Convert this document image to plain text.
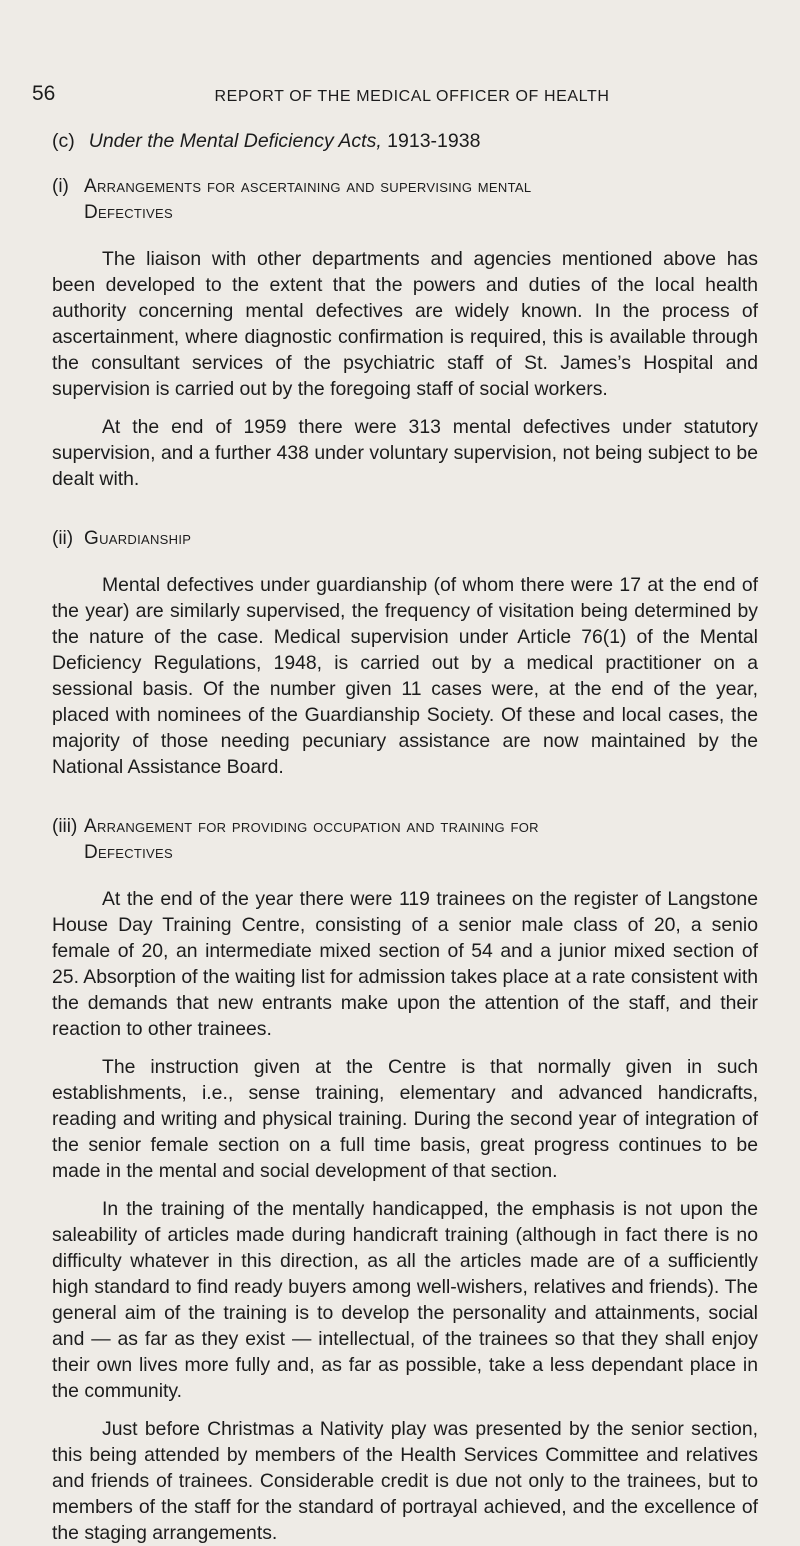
56	REPORT OF THE MEDICAL OFFICER OF HEALTH
(c) Under the Mental Deficiency Acts, 1913-1938
(i) Arrangements for ascertaining and supervising mental
Defectives

The liaison with other departments and agencies mentioned above has been developed to the extent that the powers and duties of the local health authority concerning mental defectives are widely known. In the process of ascertainment, where diagnostic confirmation is required, this is available through the consultant services of the psychiatric staff of St. James’s Hospital and supervision is carried out by the foregoing staff of social workers.

At the end of 1959 there were 313 mental defectives under statutory supervision, and a further 438 under voluntary supervision, not being subject to be dealt with.

(ii) Guardianship

Mental defectives under guardianship (of whom there were 17 at the end of the year) are similarly supervised, the frequency of visitation being determined by the nature of the case. Medical supervision under Article 76(1) of the Mental Deficiency Regulations, 1948, is carried out by a medical practitioner on a sessional basis. Of the number given 11 cases were, at the end of the year, placed with nominees of the Guardianship Society. Of these and local cases, the majority of those needing pecuniary assistance are now maintained by the National Assistance Board.

(iii) Arrangement for providing occupation and training for
Defectives

At the end of the year there were 119 trainees on the register of Langstone House Day Training Centre, consisting of a senior male class of 20, a senio female of 20, an intermediate mixed section of 54 and a junior mixed section of 25. Absorption of the waiting list for admission takes place at a rate consistent with the demands that new entrants make upon the attention of the staff, and their reaction to other trainees.

The instruction given at the Centre is that normally given in such establishments, i.e., sense training, elementary and advanced handicrafts, reading and writing and physical training. During the second year of integration of the senior female section on a full time basis, great progress continues to be made in the mental and social development of that section.

In the training of the mentally handicapped, the emphasis is not upon the saleability of articles made during handicraft training (although in fact there is no difficulty whatever in this direction, as all the articles made are of a sufficiently high standard to find ready buyers among well-wishers, relatives and friends). The general aim of the training is to develop the personality and attainments, social and — as far as they exist — intellectual, of the trainees so that they shall enjoy their own lives more fully and, as far as possible, take a less dependant place in the community.

Just before Christmas a Nativity play was presented by the senior section, this being attended by members of the Health Services Committee and relatives and friends of trainees. Considerable credit is due not only to the trainees, but to members of the staff for the standard of portrayal achieved, and the excellence of the staging arrangements.
